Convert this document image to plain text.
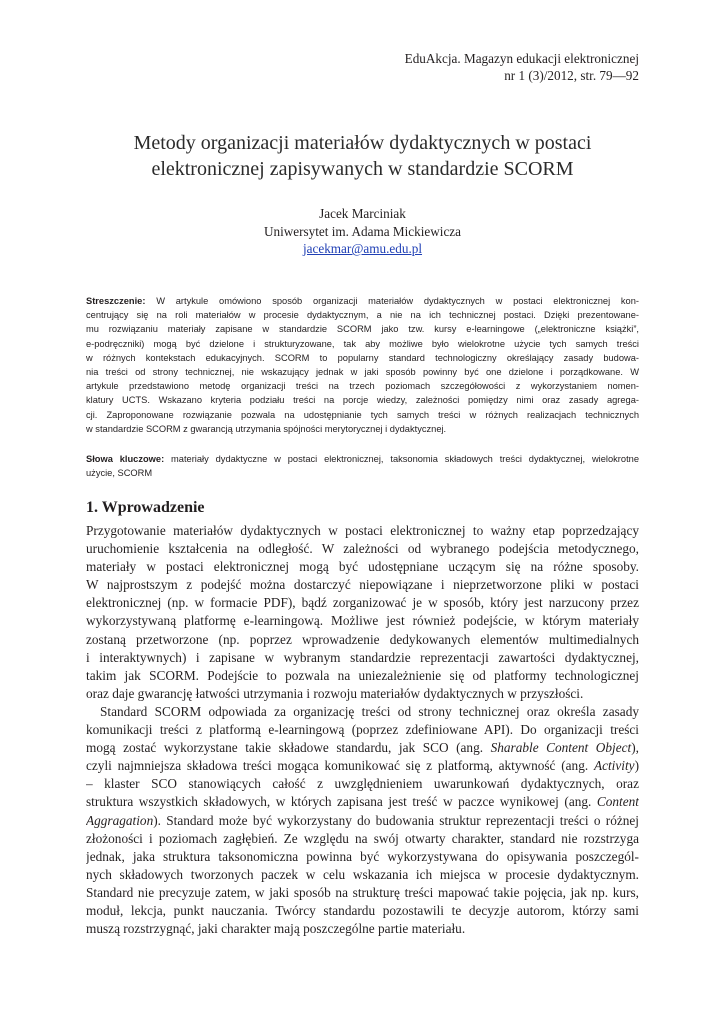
EduAkcja. Magazyn edukacji elektronicznej
nr 1 (3)/2012, str. 79—92
Metody organizacji materiałów dydaktycznych w postaci
elektronicznej zapisywanych w standardzie SCORM
Jacek Marciniak
Uniwersytet im. Adama Mickiewicza
jacekmar@amu.edu.pl
Streszczenie: W artykule omówiono sposób organizacji materiałów dydaktycznych w postaci elektronicznej kon-
centrujący się na roli materiałów w procesie dydaktycznym, a nie na ich technicznej postaci. Dzięki prezentowane-
mu rozwiązaniu materiały zapisane w standardzie SCORM jako tzw. kursy e-learningowe („elektroniczne książki”,
e-podręczniki) mogą być dzielone i strukturyzowane, tak aby możliwe było wielokrotne użycie tych samych treści
w różnych kontekstach edukacyjnych. SCORM to popularny standard technologiczny określający zasady budowa-
nia treści od strony technicznej, nie wskazujący jednak w jaki sposób powinny być one dzielone i porządkowane. W
artykule przedstawiono metodę organizacji treści na trzech poziomach szczegółowości z wykorzystaniem nomen-
klatury UCTS. Wskazano kryteria podziału treści na porcje wiedzy, zależności pomiędzy nimi oraz zasady agrega-
cji. Zaproponowane rozwiązanie pozwala na udostępnianie tych samych treści w różnych realizacjach technicznych
w standardzie SCORM z gwarancją utrzymania spójności merytorycznej i dydaktycznej.
Słowa kluczowe: materiały dydaktyczne w postaci elektronicznej, taksonomia składowych treści dydaktycznej, wielokrotne
użycie, SCORM
1. Wprowadzenie
Przygotowanie materiałów dydaktycznych w postaci elektronicznej to ważny etap poprzedzający
uruchomienie kształcenia na odległość. W zależności od wybranego podejścia metodycznego,
materiały w postaci elektronicznej mogą być udostępniane uczącym się na różne sposoby.
W najprostszym z podejść można dostarczyć niepowiązane i nieprzetworzone pliki w postaci
elektronicznej (np. w formacie PDF), bądź zorganizować je w sposób, który jest narzucony przez
wykorzystywaną platformę e-learningową. Możliwe jest również podejście, w którym materiały
zostaną przetworzone (np. poprzez wprowadzenie dedykowanych elementów multimedialnych
i interaktywnych) i zapisane w wybranym standardzie reprezentacji zawartości dydaktycznej,
takim jak SCORM. Podejście to pozwala na uniezależnienie się od platformy technologicznej
oraz daje gwarancję łatwości utrzymania i rozwoju materiałów dydaktycznych w przyszłości.
Standard SCORM odpowiada za organizację treści od strony technicznej oraz określa zasady
komunikacji treści z platformą e-learningową (poprzez zdefiniowane API). Do organizacji treści
mogą zostać wykorzystane takie składowe standardu, jak SCO (ang. Sharable Content Object),
czyli najmniejsza składowa treści mogąca komunikować się z platformą, aktywność (ang. Activity)
– klaster SCO stanowiących całość z uwzględnieniem uwarunkowań dydaktycznych, oraz
struktura wszystkich składowych, w których zapisana jest treść w paczce wynikowej (ang. Content
Aggragation). Standard może być wykorzystany do budowania struktur reprezentacji treści o różnej
złożoności i poziomach zagłębień. Ze względu na swój otwarty charakter, standard nie rozstrzyga
jednak, jaka struktura taksonomiczna powinna być wykorzystywana do opisywania poszczegól-
nych składowych tworzonych paczek w celu wskazania ich miejsca w procesie dydaktycznym.
Standard nie precyzuje zatem, w jaki sposób na strukturę treści mapować takie pojęcia, jak np. kurs,
moduł, lekcja, punkt nauczania. Twórcy standardu pozostawili te decyzje autorom, którzy sami
muszą rozstrzygnąć, jaki charakter mają poszczególne partie materiału.
